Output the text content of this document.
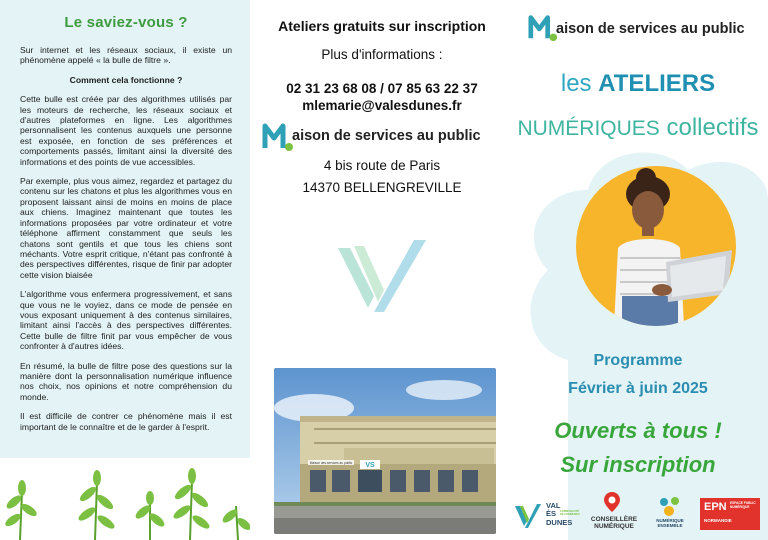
Le saviez-vous ?

Sur internet et les réseaux sociaux, il existe un phénomène appelé « la bulle de filtre ».

Comment cela fonctionne ?

Cette bulle est créée par des algorithmes utilisés par les moteurs de recherche, les réseaux sociaux et d'autres plateformes en ligne. Les algorithmes personnalisent les contenus auxquels une personne est exposée, en fonction de ses préférences et comportements passés, limitant ainsi la diversité des informations et des points de vue accessibles.

Par exemple, plus vous aimez, regardez et partagez du contenu sur les chatons et plus les algorithmes vous en proposent laissant ainsi de moins en moins de place aux chiens. Imaginez maintenant que toutes les informations proposées par votre ordinateur et votre téléphone affirment constamment que seuls les chatons sont gentils et que tous les chiens sont méchants. Votre esprit critique, n'étant pas confronté à des perspectives différentes, risque de finir par adopter cette vision biaisée

L'algorithme vous enfermera progressivement, et sans que vous ne le voyiez, dans ce mode de pensée en vous exposant uniquement à des contenus similaires, limitant ainsi l'accès à des perspectives différentes. Cette bulle de filtre finit par vous empêcher de vous confronter à d'autres idées.

En résumé, la bulle de filtre pose des questions sur la manière dont la personnalisation numérique influence nos choix, nos opinions et notre compréhension du monde.

Il est difficile de contrer ce phénomène mais il est important de le connaître et de le garder à l'esprit.

Ateliers gratuits sur inscription
Plus d'informations :
02 31 23 68 08 / 07 85 63 22 37
mlemarie@valesdunes.fr
aison de services au public
4 bis route de Paris
14370 BELLENGREVILLE
VS
Maison des services au public
aison de services au public
les ATELIERS
NUMÉRIQUES collectifs
Programme
Février à juin 2025
Ouverts à tous !
Sur inscription
VAL
ÈS
DUNES
COMMUNAUTÉ DE COMMUNES
CONSEILLÈRE
NUMÉRIQUE
NUMÉRIQUE
ENSEMBLE
EPN ESPACE PUBLIC NUMÉRIQUE
NORMANDIE
